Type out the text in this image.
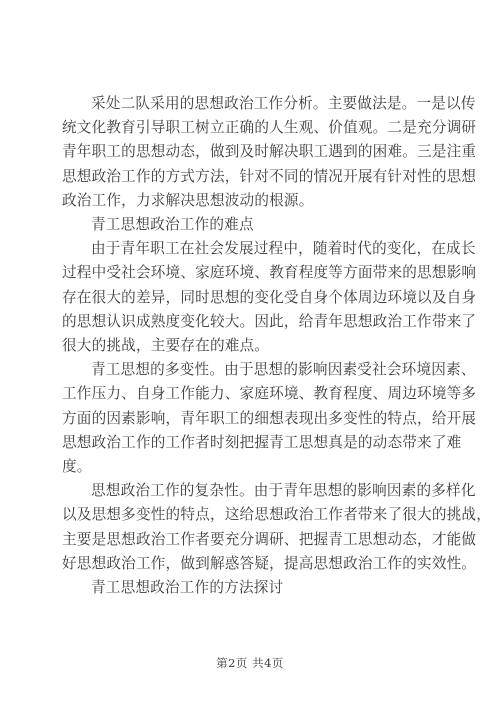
采处二队采用的思想政治工作分析。主要做法是。一是以传
统文化教育引导职工树立正确的人生观、价值观。二是充分调研
青年职工的思想动态，做到及时解决职工遇到的困难。三是注重
思想政治工作的方式方法，针对不同的情况开展有针对性的思想
政治工作，力求解决思想波动的根源。

青工思想政治工作的难点

由于青年职工在社会发展过程中，随着时代的变化，在成长
过程中受社会环境、家庭环境、教育程度等方面带来的思想影响
存在很大的差异，同时思想的变化受自身个体周边环境以及自身
的思想认识成熟度变化较大。因此，给青年思想政治工作带来了
很大的挑战，主要存在的难点。

青工思想的多变性。由于思想的影响因素受社会环境因素、
工作压力、自身工作能力、家庭环境、教育程度、周边环境等多
方面的因素影响，青年职工的细想表现出多变性的特点，给开展
思想政治工作的工作者时刻把握青工思想真是的动态带来了难
度。

思想政治工作的复杂性。由于青年思想的影响因素的多样化
以及思想多变性的特点，这给思想政治工作者带来了很大的挑战，
主要是思想政治工作者要充分调研、把握青工思想动态，才能做
好思想政治工作，做到解惑答疑，提高思想政治工作的实效性。

青工思想政治工作的方法探讨

第2页 共4页
